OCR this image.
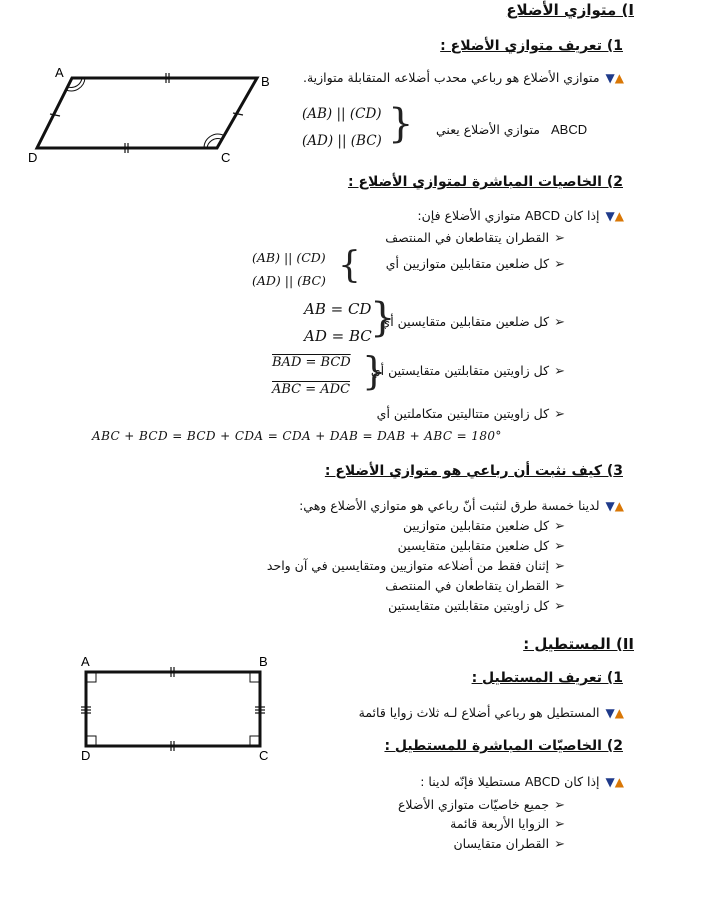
I) متوازي الأضلاع
1) تعريف متوازي الأضلاع :
▲▼متوازي الأضلاع هو رباعي محدب أضلاعه المتقابلة متوازية.
A
B
C
D
(AB) || (CD)
(AD) || (BC) } متوازي الأضلاع يعني ABCD
2) الخاصيات المباشرة لمتوازي الأضلاع :
▲▼إذا كان ABCD متوازي الأضلاع فإن:
➢القطران يتقاطعان في المنتصف
➢كل ضلعين متقابلين متوازيين أي
(AB) || (CD)
(AD) || (BC) {
➢كل ضلعين متقابلين متقايسين أي
AB = CD
AD = BC
}
➢كل زاويتين متقابلتين متقايستين أي
BAD = BCD
ABC = ADC }
➢كل زاويتين متتاليتين متكاملتين أي
ABC + BCD = BCD + CDA = CDA + DAB = DAB + ABC = 180°
3) كيف نثبت أن رباعي هو متوازي الأضلاع :
▲▼لدينا خمسة طرق لنثبت أنّ رباعي هو متوازي الأضلاع وهي:
➢كل ضلعين متقابلين متوازيين
➢كل ضلعين متقابلين متقايسين
➢إثنان فقط من أضلاعه متوازيين ومتقايسين في آن واحد
➢القطران يتقاطعان في المنتصف
➢كل زاويتين متقابلتين متقايستين
II) المستطيل :
1) تعريف المستطيل :
▲▼المستطيل هو رباعي أضلاع لـه ثلاث زوايا قائمة
A	B
C
D
2) الخاصيّات المباشرة للمستطيل :
▲▼إذا كان ABCD مستطيلا فإنّه لدينا :
➢جميع خاصيّات متوازي الأضلاع
➢الزوايا الأربعة قائمة
➢القطران متقايسان
